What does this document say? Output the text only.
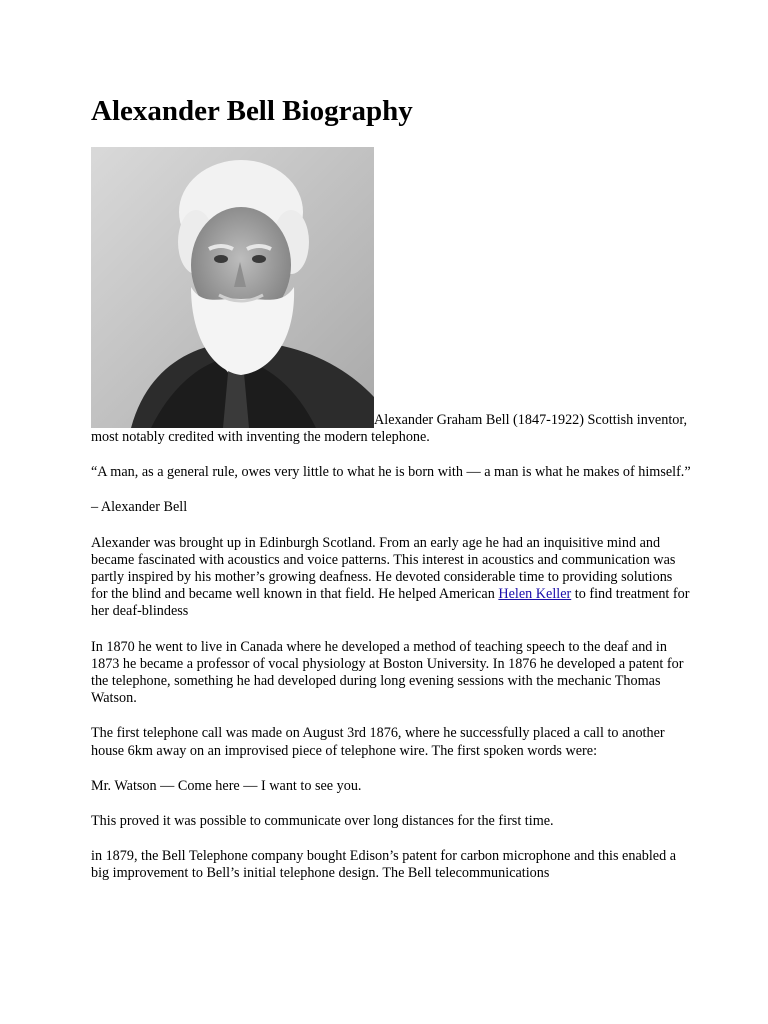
Alexander Bell Biography

Alexander Graham Bell (1847-1922) Scottish inventor, most notably credited with inventing the modern telephone.

“A man, as a general rule, owes very little to what he is born with — a man is what he makes of himself.”

– Alexander Bell

Alexander was brought up in Edinburgh Scotland. From an early age he had an inquisitive mind and became fascinated with acoustics and voice patterns. This interest in acoustics and communication was partly inspired by his mother’s growing deafness. He devoted considerable time to providing solutions for the blind and became well known in that field. He helped American Helen Keller to find treatment for her deaf-blindess

In 1870 he went to live in Canada where he developed a method of teaching speech to the deaf and in 1873 he became a professor of vocal physiology at Boston University. In 1876 he developed a patent for the telephone, something he had developed during long evening sessions with the mechanic Thomas Watson.

The first telephone call was made on August 3rd 1876, where he successfully placed a call to another house 6km away on an improvised piece of telephone wire. The first spoken words were:

Mr. Watson — Come here — I want to see you.

This proved it was possible to communicate over long distances for the first time.

in 1879, the Bell Telephone company bought Edison’s patent for carbon microphone and this enabled a big improvement to Bell’s initial telephone design. The Bell telecommunications
